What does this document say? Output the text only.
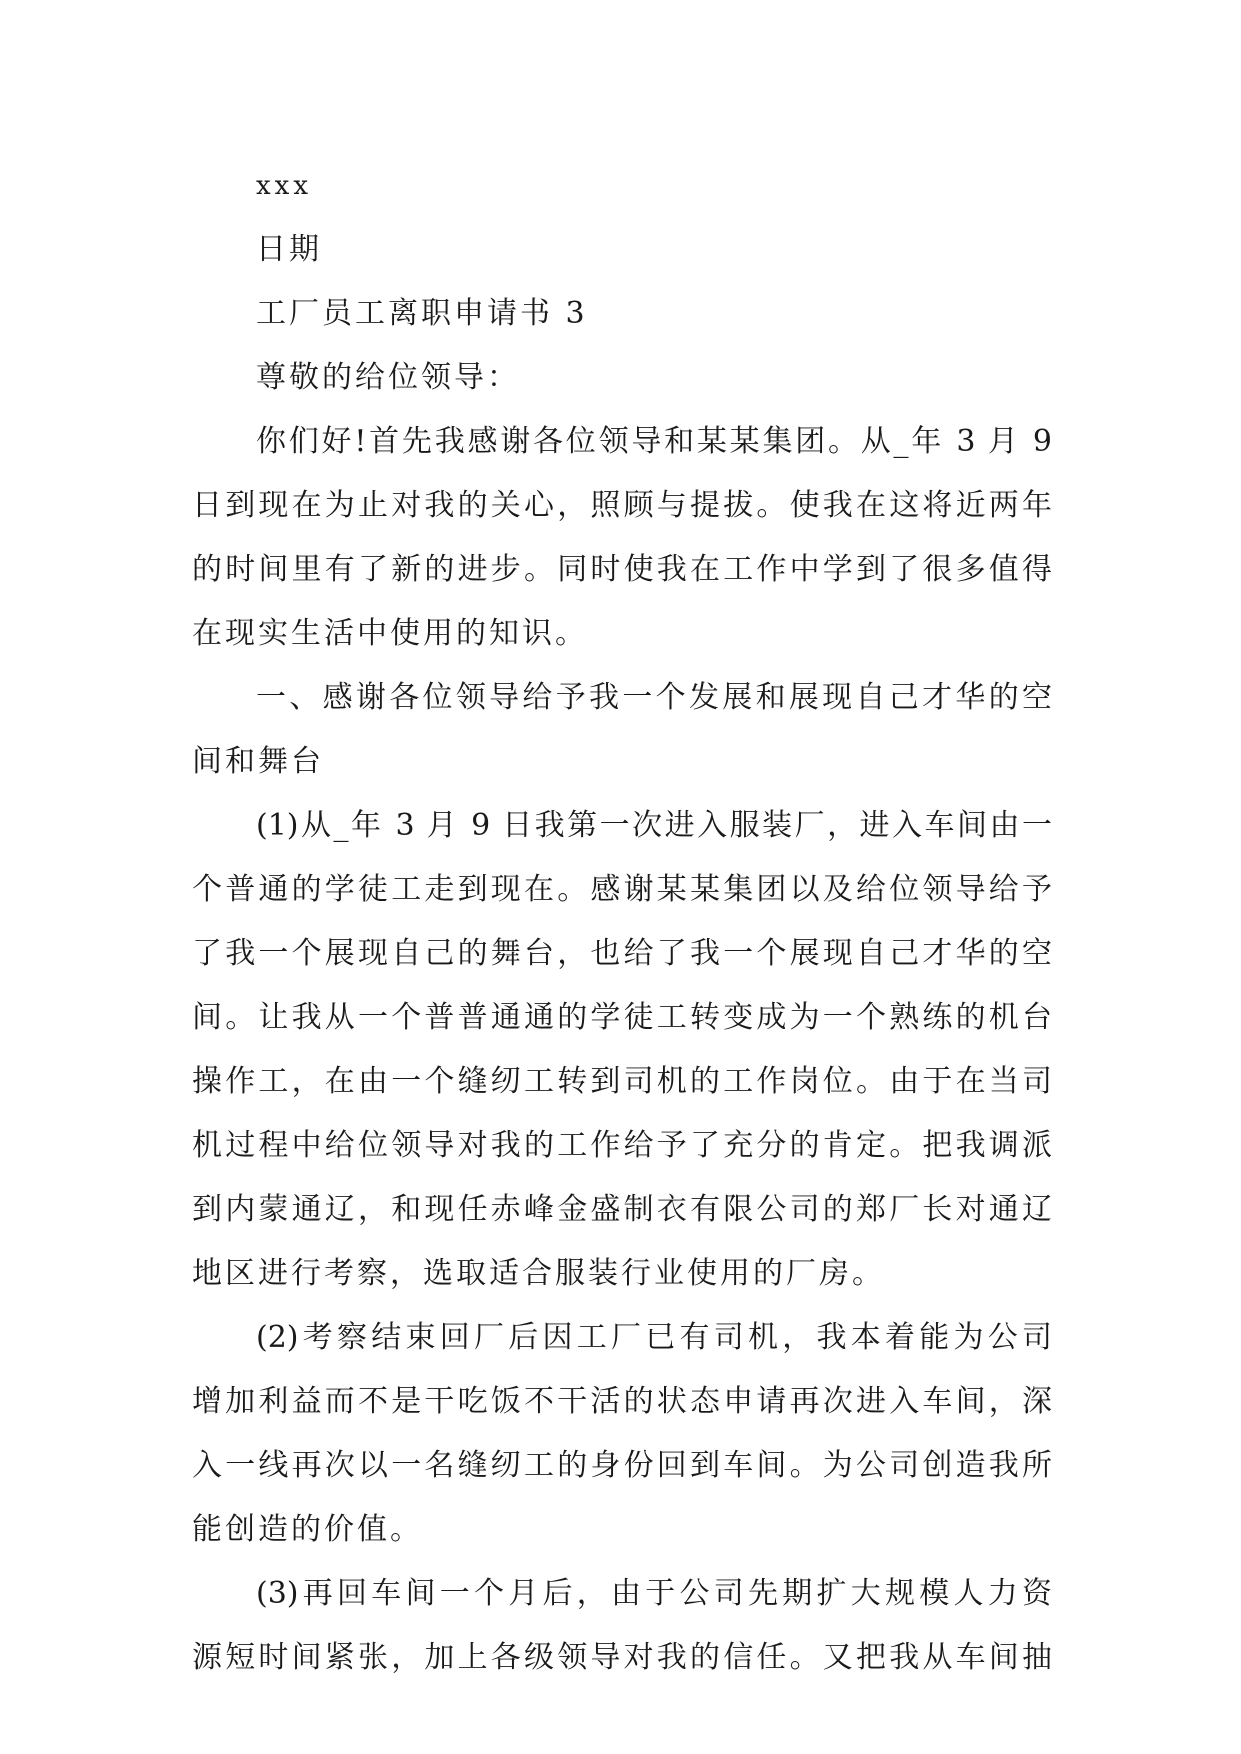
xxx
日期
工厂员工离职申请书 3
尊敬的给位领导：
你们好!首先我感谢各位领导和某某集团。从_年 3 月 9
日到现在为止对我的关心，照顾与提拔。使我在这将近两年
的时间里有了新的进步。同时使我在工作中学到了很多值得
在现实生活中使用的知识。
一、感谢各位领导给予我一个发展和展现自己才华的空
间和舞台
(1)从_年 3 月 9 日我第一次进入服装厂，进入车间由一
个普通的学徒工走到现在。感谢某某集团以及给位领导给予
了我一个展现自己的舞台，也给了我一个展现自己才华的空
间。让我从一个普普通通的学徒工转变成为一个熟练的机台
操作工，在由一个缝纫工转到司机的工作岗位。由于在当司
机过程中给位领导对我的工作给予了充分的肯定。把我调派
到内蒙通辽，和现任赤峰金盛制衣有限公司的郑厂长对通辽
地区进行考察，选取适合服装行业使用的厂房。
(2)考察结束回厂后因工厂已有司机，我本着能为公司
增加利益而不是干吃饭不干活的状态申请再次进入车间，深
入一线再次以一名缝纫工的身份回到车间。为公司创造我所
能创造的价值。
(3)再回车间一个月后，由于公司先期扩大规模人力资
源短时间紧张，加上各级领导对我的信任。又把我从车间抽
